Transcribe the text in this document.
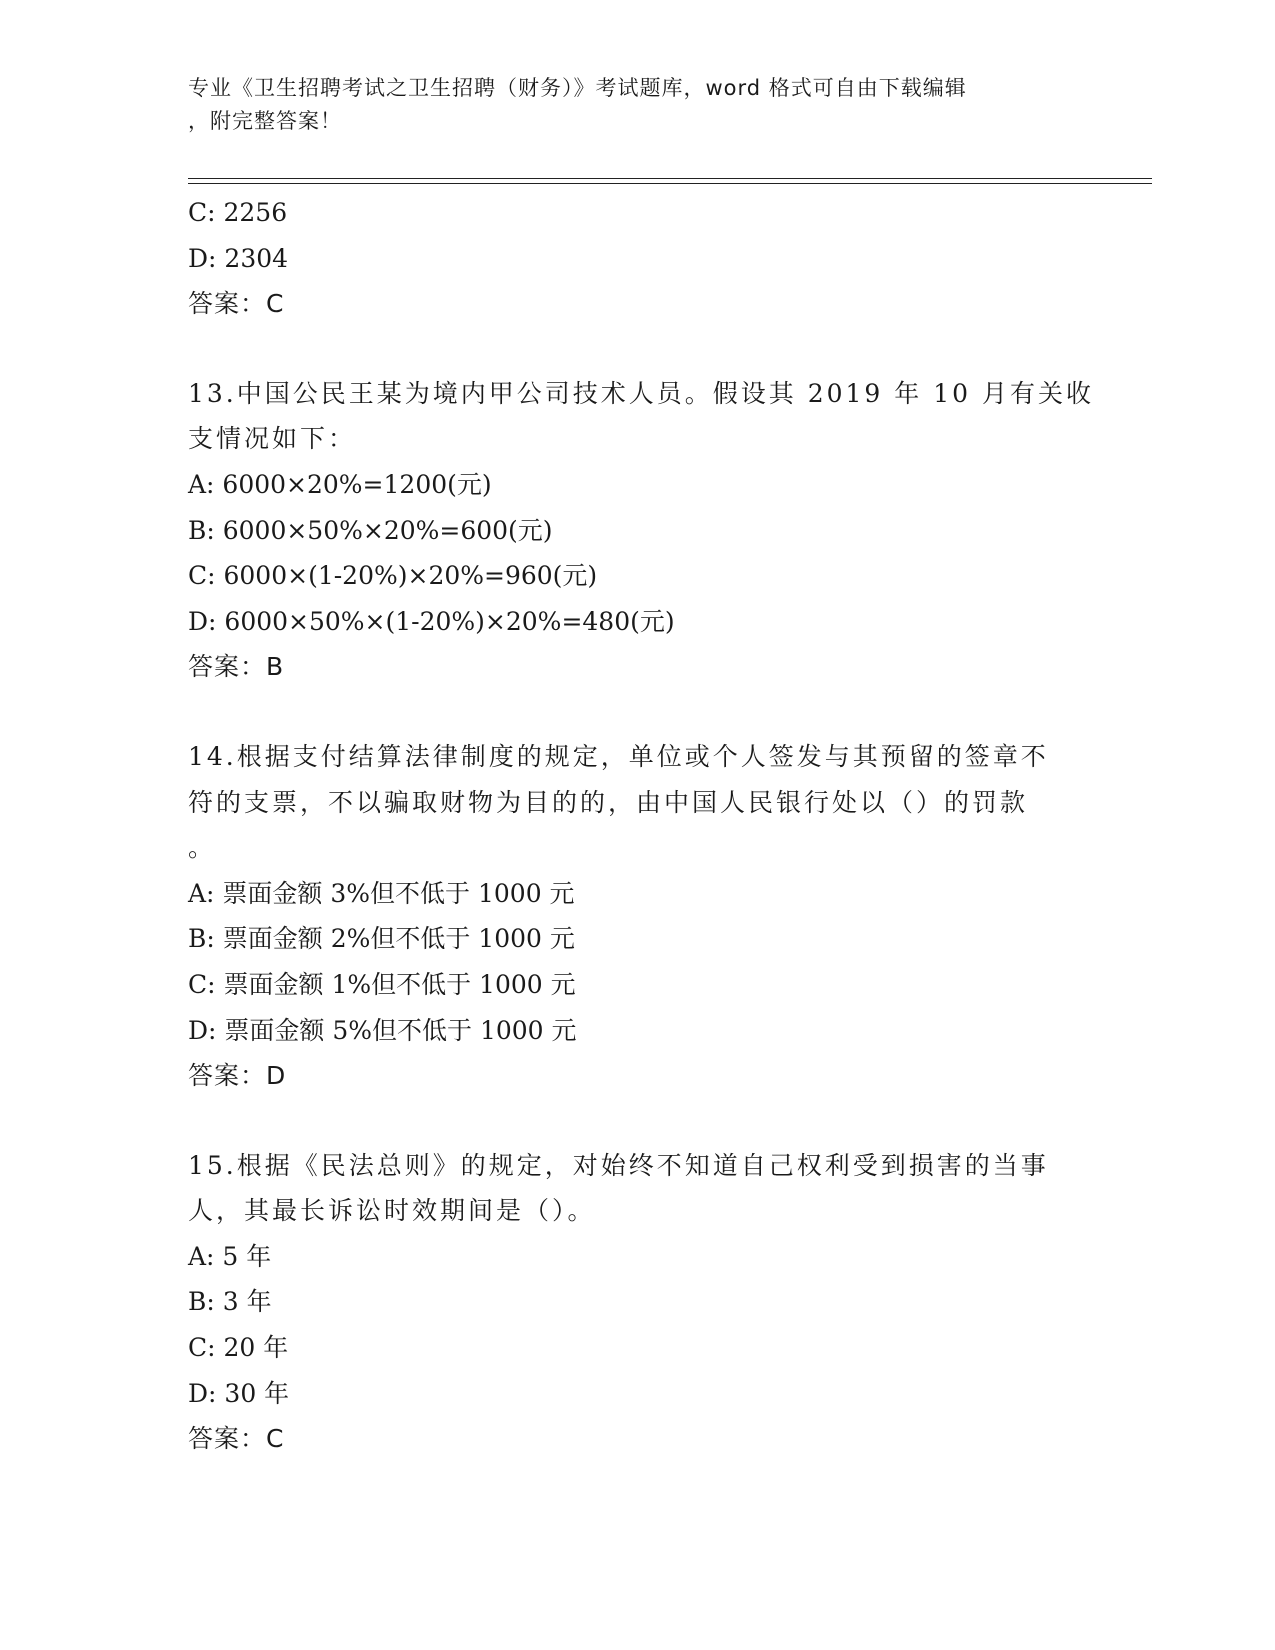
专业《卫生招聘考试之卫生招聘（财务）》考试题库，word 格式可自由下载编辑
，附完整答案！
C: 2256
D: 2304
答案：C
13.中国公民王某为境内甲公司技术人员。假设其 2019 年 10 月有关收
支情况如下：
A: 6000×20%=1200(元)
B: 6000×50%×20%=600(元)
C: 6000×(1-20%)×20%=960(元)
D: 6000×50%×(1-20%)×20%=480(元)
答案：B
14.根据支付结算法律制度的规定，单位或个人签发与其预留的签章不
符的支票，不以骗取财物为目的的，由中国人民银行处以（）的罚款
。
A: 票面金额 3%但不低于 1000 元
B: 票面金额 2%但不低于 1000 元
C: 票面金额 1%但不低于 1000 元
D: 票面金额 5%但不低于 1000 元
答案：D
15.根据《民法总则》的规定，对始终不知道自己权利受到损害的当事
人，其最长诉讼时效期间是（）。
A: 5 年
B: 3 年
C: 20 年
D: 30 年
答案：C
